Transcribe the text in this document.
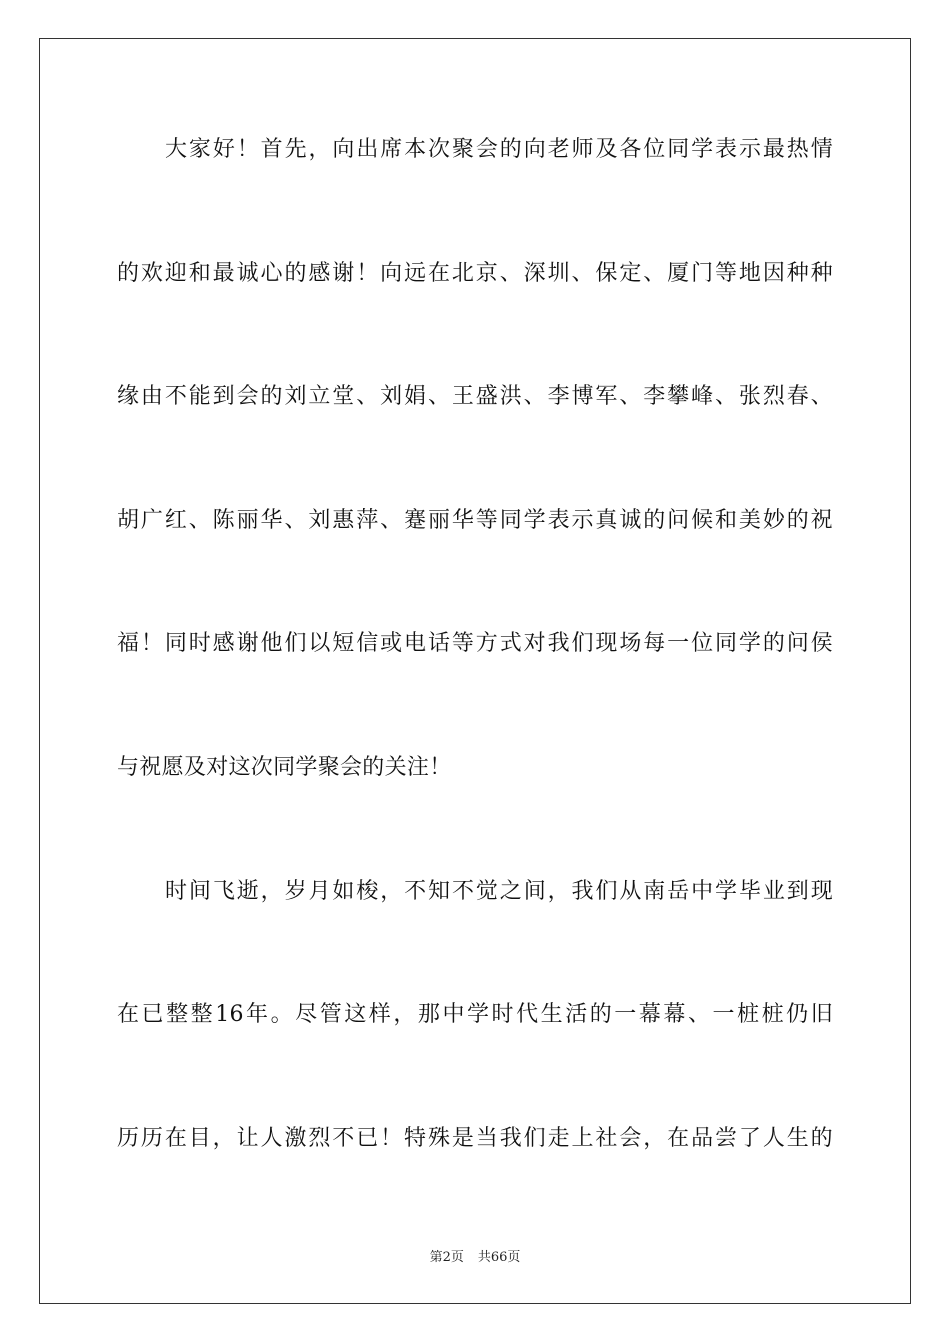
大家好！首先，向出席本次聚会的向老师及各位同学表示最热情
的欢迎和最诚心的感谢！向远在北京、深圳、保定、厦门等地因种种
缘由不能到会的刘立堂、刘娟、王盛洪、李博军、李攀峰、张烈春、
胡广红、陈丽华、刘惠萍、蹇丽华等同学表示真诚的问候和美妙的祝
福！同时感谢他们以短信或电话等方式对我们现场每一位同学的问侯
与祝愿及对这次同学聚会的关注！
时间飞逝，岁月如梭，不知不觉之间，我们从南岳中学毕业到现
在已整整16年。尽管这样，那中学时代生活的一幕幕、一桩桩仍旧
历历在目，让人激烈不已！特殊是当我们走上社会，在品尝了人生的
第2页 共66页
